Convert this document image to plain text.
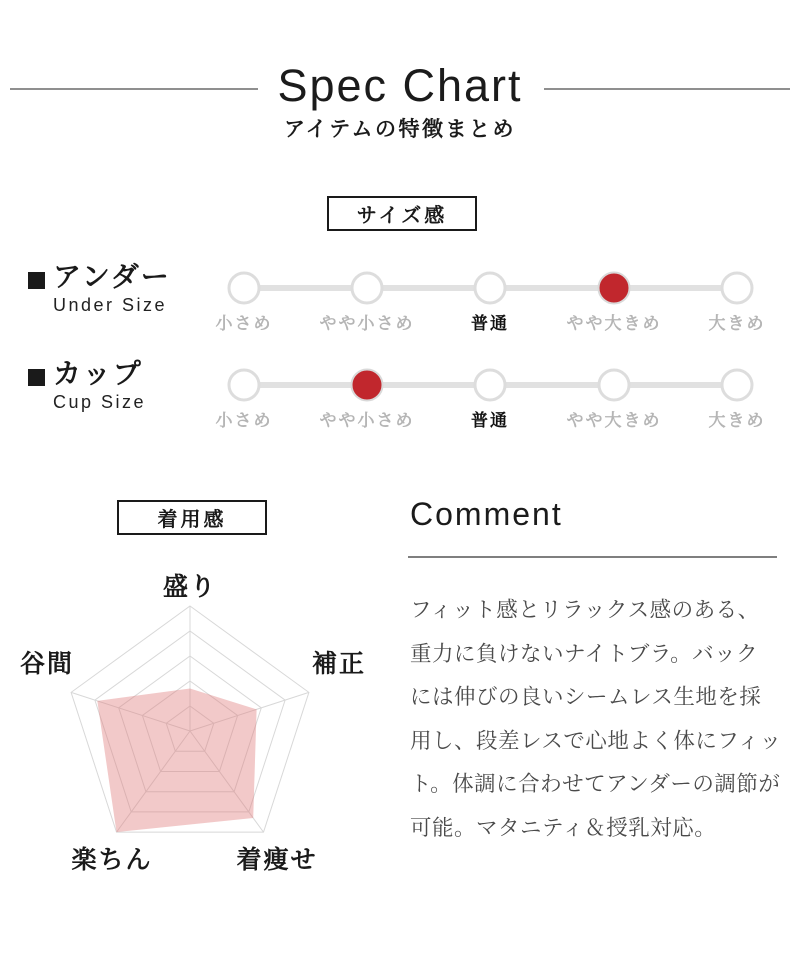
Spec Chart
アイテムの特徴まとめ
サイズ感
アンダー
Under Size
小さめ	やや小さめ	普通	やや大きめ	大きめ
カップ
Cup Size
小さめ	やや小さめ	普通	やや大きめ	大きめ
着用感	Comment
フィット感とリラックス感のある、
重力に負けないナイトブラ。バック
には伸びの良いシームレス生地を採
用し、段差レスで心地よく体にフィッ
ト。体調に合わせてアンダーの調節が
可能。マタニティ＆授乳対応。
盛り
補正
着痩せ
楽ちん
谷間
